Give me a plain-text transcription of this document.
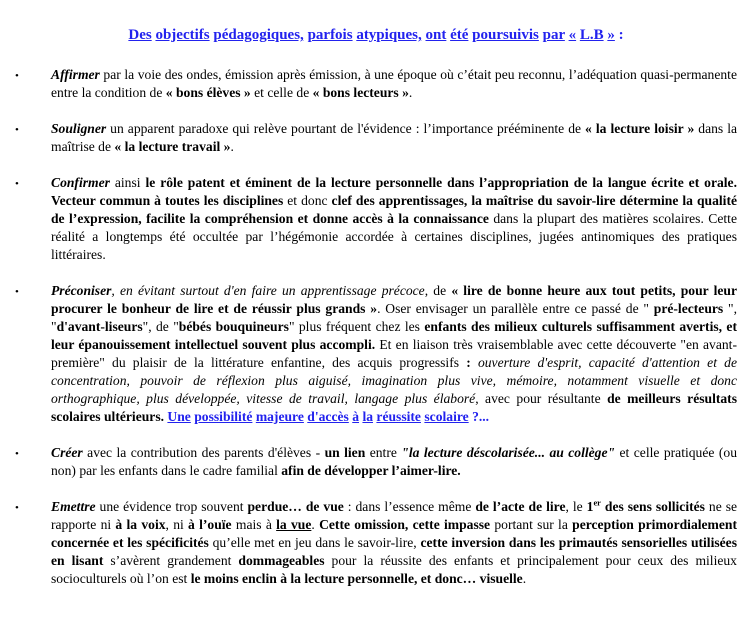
Des objectifs pédagogiques, parfois atypiques, ont été poursuivis par « L.B » :
•	Affirmer par la voie des ondes, émission après émission, à une époque où c’était peu reconnu, l’adéquation quasi-permanente entre la condition de « bons élèves » et celle de « bons lecteurs ».
•	Souligner un apparent paradoxe qui relève pourtant de l'évidence : l’importance prééminente de « la lecture loisir » dans la maîtrise de « la lecture travail ».
•	Confirmer ainsi le rôle patent et éminent de la lecture personnelle dans l’appropriation de la langue écrite et orale. Vecteur commun à toutes les disciplines et donc clef des apprentissages, la maîtrise du savoir-lire détermine la qualité de l’expression, facilite la compréhension et donne accès à la connaissance dans la plupart des matières scolaires. Cette réalité a longtemps été occultée par l’hégémonie accordée à certaines disciplines, jugées antinomiques des pratiques littéraires.
•	Préconiser, en évitant surtout d'en faire un apprentissage précoce, de « lire de bonne heure aux tout petits, pour leur procurer le bonheur de lire et de réussir plus grands ». Oser envisager un parallèle entre ce passé de " pré-lecteurs ", "d'avant-liseurs", de "bébés bouquineurs" plus fréquent chez les enfants des milieux culturels suffisamment avertis, et leur épanouissement intellectuel souvent plus accompli. Et en liaison très vraisemblable avec cette découverte "en avant-première" du plaisir de la littérature enfantine, des acquis progressifs : ouverture d'esprit, capacité d'attention et de concentration, pouvoir de réflexion plus aiguisé, imagination plus vive, mémoire, notamment visuelle et donc orthographique, plus développée, vitesse de travail, langage plus élaboré, avec pour résultante de meilleurs résultats scolaires ultérieurs. Une possibilité majeure d'accès à la réussite scolaire ?...
•	Créer avec la contribution des parents d'élèves - un lien entre "la lecture déscolarisée... au collège" et celle pratiquée (ou non) par les enfants dans le cadre familial afin de développer l’aimer-lire.
•	Emettre une évidence trop souvent perdue… de vue : dans l’essence même de l’acte de lire, le 1er des sens sollicités ne se rapporte ni à la voix, ni à l’ouïe mais à la vue. Cette omission, cette impasse portant sur la perception primordialement concernée et les spécificités qu’elle met en jeu dans le savoir-lire, cette inversion dans les primautés sensorielles utilisées en lisant s’avèrent grandement dommageables pour la réussite des enfants et principalement pour ceux des milieux socioculturels où l’on est le moins enclin à la lecture personnelle, et donc… visuelle.
